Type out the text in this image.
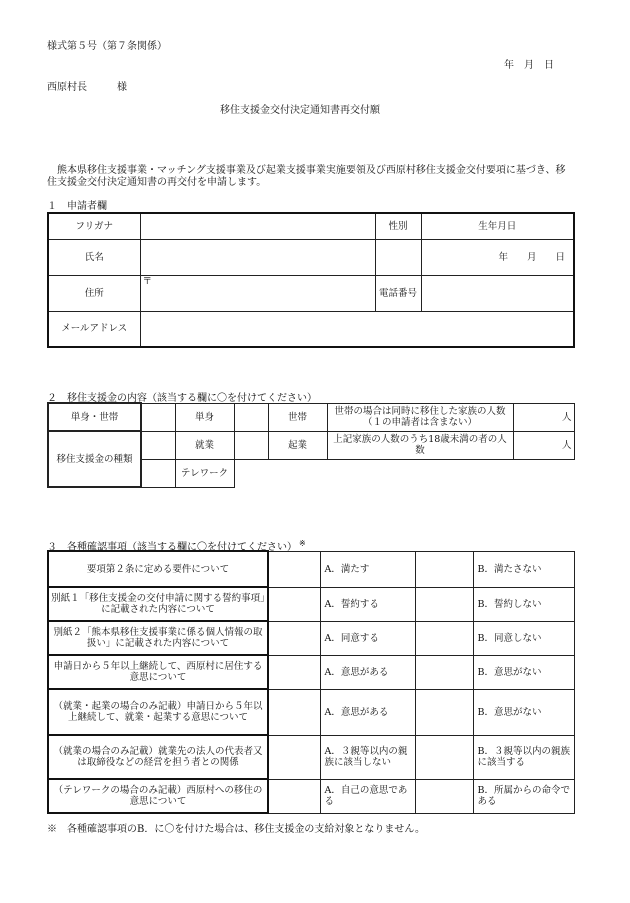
様式第５号（第７条関係）
年　月　日
西原村長　　　様
移住支援金交付決定通知書再交付願
　熊本県移住支援事業・マッチング支援事業及び起業支援事業実施要領及び西原村移住支援金交付要項に基づき、移住支援金交付決定通知書の再交付を申請します。
１　申請者欄
フリガナ		性別	生年月日
氏名			年　　月　　日
住所	〒	電話番号	
メールアドレス			
２　移住支援金の内容（該当する欄に〇を付けてください）
単身・世帯		単身		世帯	世帯の場合は同時に移住した家族の人数（１の申請者は含まない）	人
移住支援金の種類		就業		起業	上記家族の人数のうち18歳未満の者の人数	人
		テレワーク				
３　各種確認事項（該当する欄に〇を付けてください） ※
要項第２条に定める要件について		A．満たす		B．満たさない
別紙１「移住支援金の交付申請に関する誓約事項」に記載された内容について		A．誓約する		B．誓約しない
別紙２「熊本県移住支援事業に係る個人情報の取扱い」に記載された内容について		A．同意する		B．同意しない
申請日から５年以上継続して、西原村に居住する意思について		A．意思がある		B．意思がない
（就業・起業の場合のみ記載）申請日から５年以上継続して、就業・起業する意思について		A．意思がある		B．意思がない
（就業の場合のみ記載）就業先の法人の代表者又は取締役などの経営を担う者との関係		A．３親等以内の親族に該当しない		B．３親等以内の親族に該当する
（テレワークの場合のみ記載）西原村への移住の意思について		A．自己の意思である		B．所属からの命令である
※　各種確認事項のB．に〇を付けた場合は、移住支援金の支給対象となりません。
